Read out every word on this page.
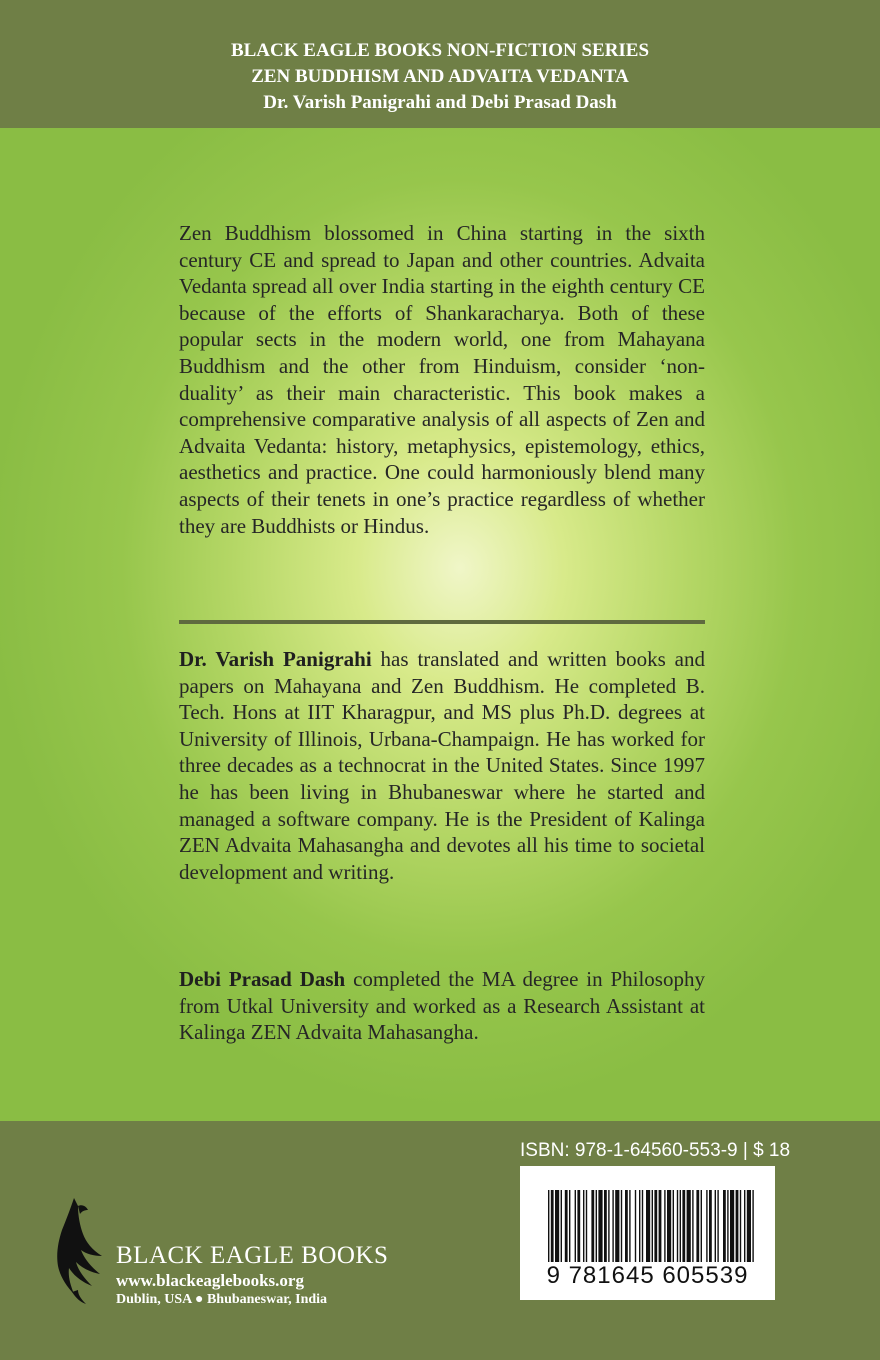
BLACK EAGLE BOOKS NON-FICTION SERIES
ZEN BUDDHISM AND ADVAITA VEDANTA
Dr. Varish Panigrahi and Debi Prasad Dash
Zen Buddhism blossomed in China starting in the sixth century CE and spread to Japan and other countries. Advaita Vedanta spread all over India starting in the eighth century CE because of the efforts of Shankaracharya. Both of these popular sects in the modern world, one from Mahayana Buddhism and the other from Hinduism, consider ‘non-duality’ as their main characteristic. This book makes a comprehensive comparative analysis of all aspects of Zen and Advaita Vedanta: history, metaphysics, epistemology, ethics, aesthetics and practice. One could harmoniously blend many aspects of their tenets in one’s practice regardless of whether they are Buddhists or Hindus.
Dr. Varish Panigrahi has translated and written books and papers on Mahayana and Zen Buddhism. He completed B. Tech. Hons at IIT Kharagpur, and MS plus Ph.D. degrees at University of Illinois, Urbana-Champaign. He has worked for three decades as a technocrat in the United States. Since 1997 he has been living in Bhubaneswar where he started and managed a software company. He is the President of Kalinga ZEN Advaita Mahasangha and devotes all his time to societal development and writing.
Debi Prasad Dash completed the MA degree in Philosophy from Utkal University and worked as a Research Assistant at Kalinga ZEN Advaita Mahasangha.
ISBN: 978-1-64560-553-9 | $ 18
9 781645 605539
BLACK EAGLE BOOKS
www.blackeaglebooks.org
Dublin, USA ● Bhubaneswar, India
